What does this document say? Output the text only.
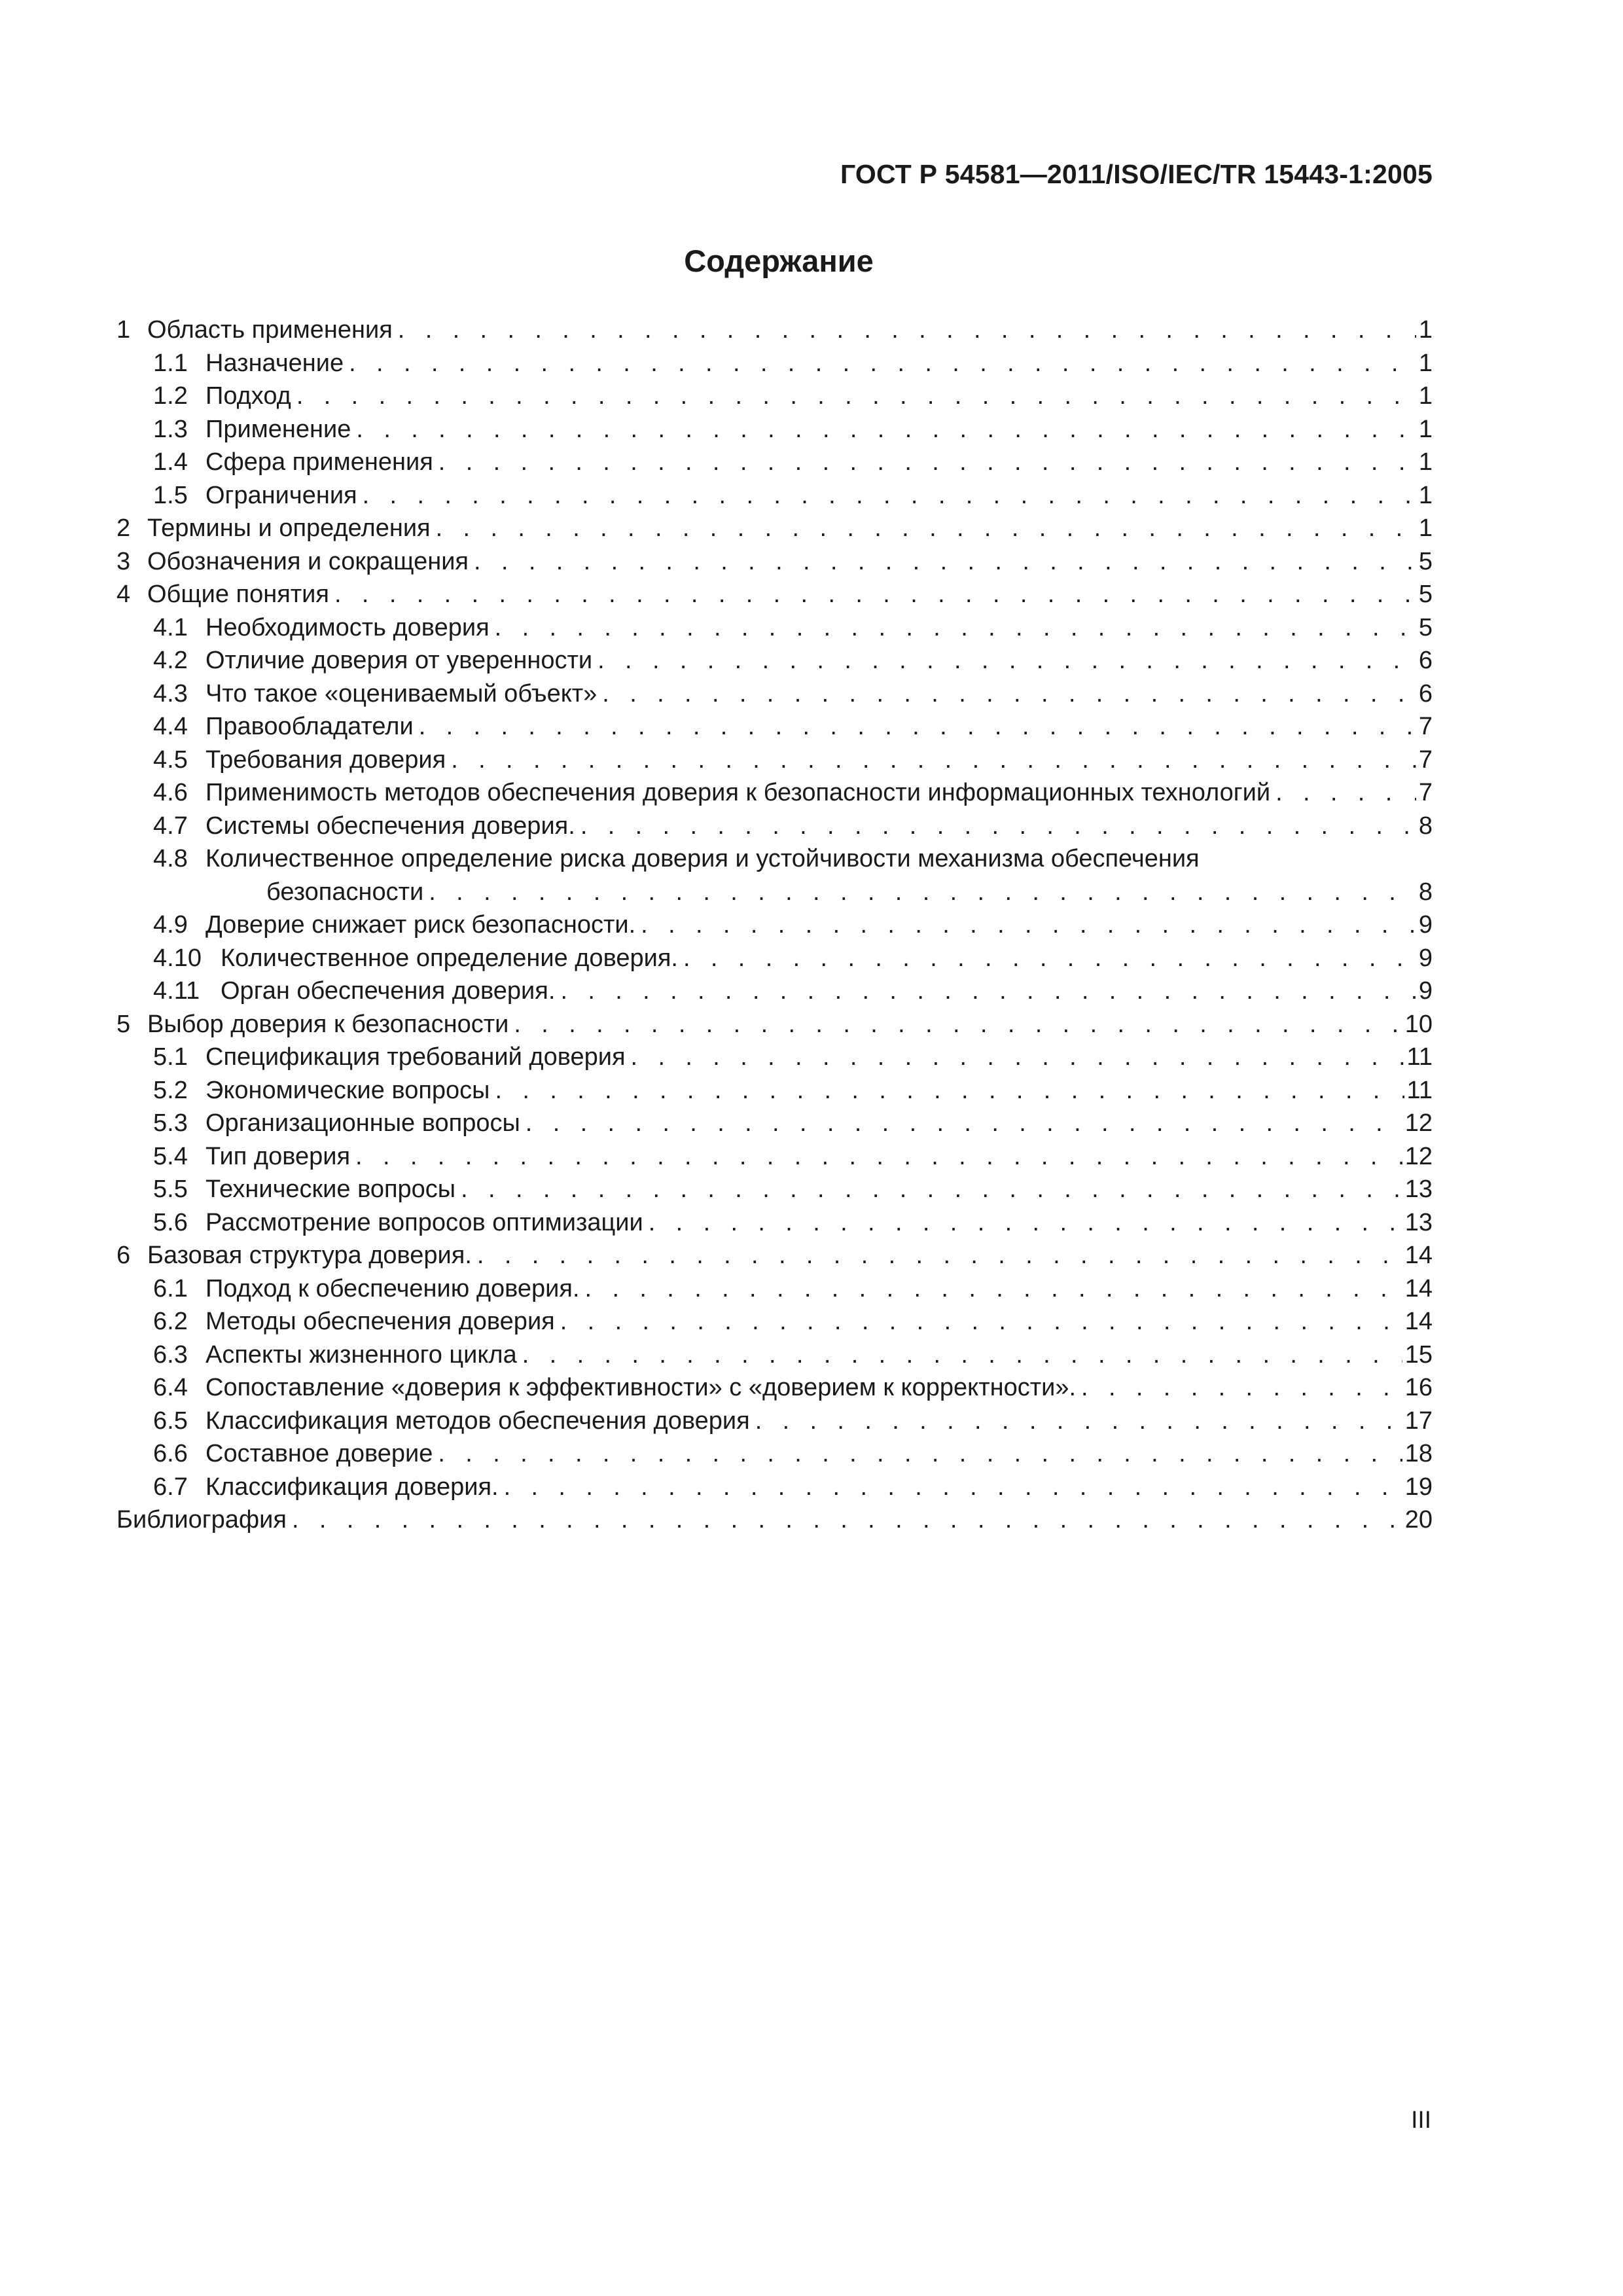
ГОСТ Р 54581—2011/ISO/IEC/TR 15443-1:2005
Содержание
1 Область применения . . .	1
1.1 Назначение . . .	1
1.2 Подход . . .	1
1.3 Применение . . .	1
1.4 Сфера применения . . .	1
1.5 Ограничения . . .	1
2 Термины и определения . . .	1
3 Обозначения и сокращения . . .	5
4 Общие понятия . . .	5
4.1 Необходимость доверия . . .	5
4.2 Отличие доверия от уверенности . . .	6
4.3 Что такое «оцениваемый объект» . . .	6
4.4 Правообладатели . . .	7
4.5 Требования доверия . . .	7
4.6 Применимость методов обеспечения доверия к безопасности информационных технологий . . .	7
4.7 Системы обеспечения доверия. . . .	8
4.8 Количественное определение риска доверия и устойчивости механизма обеспечения
безопасности . . .	8
4.9 Доверие снижает риск безопасности. . . .	9
4.10 Количественное определение доверия. . . .	9
4.11 Орган обеспечения доверия. . . .	9
5 Выбор доверия к безопасности . . .	10
5.1 Спецификация требований доверия . . .	11
5.2 Экономические вопросы . . .	11
5.3 Организационные вопросы . . .	12
5.4 Тип доверия . . .	12
5.5 Технические вопросы . . .	13
5.6 Рассмотрение вопросов оптимизации . . .	13
6 Базовая структура доверия. . . .	14
6.1 Подход к обеспечению доверия. . . .	14
6.2 Методы обеспечения доверия . . .	14
6.3 Аспекты жизненного цикла . . .	15
6.4 Сопоставление «доверия к эффективности» с «доверием к корректности». . . .	16
6.5 Классификация методов обеспечения доверия . . .	17
6.6 Составное доверие . . .	18
6.7 Классификация доверия. . . .	19
Библиография . . .	20
III
